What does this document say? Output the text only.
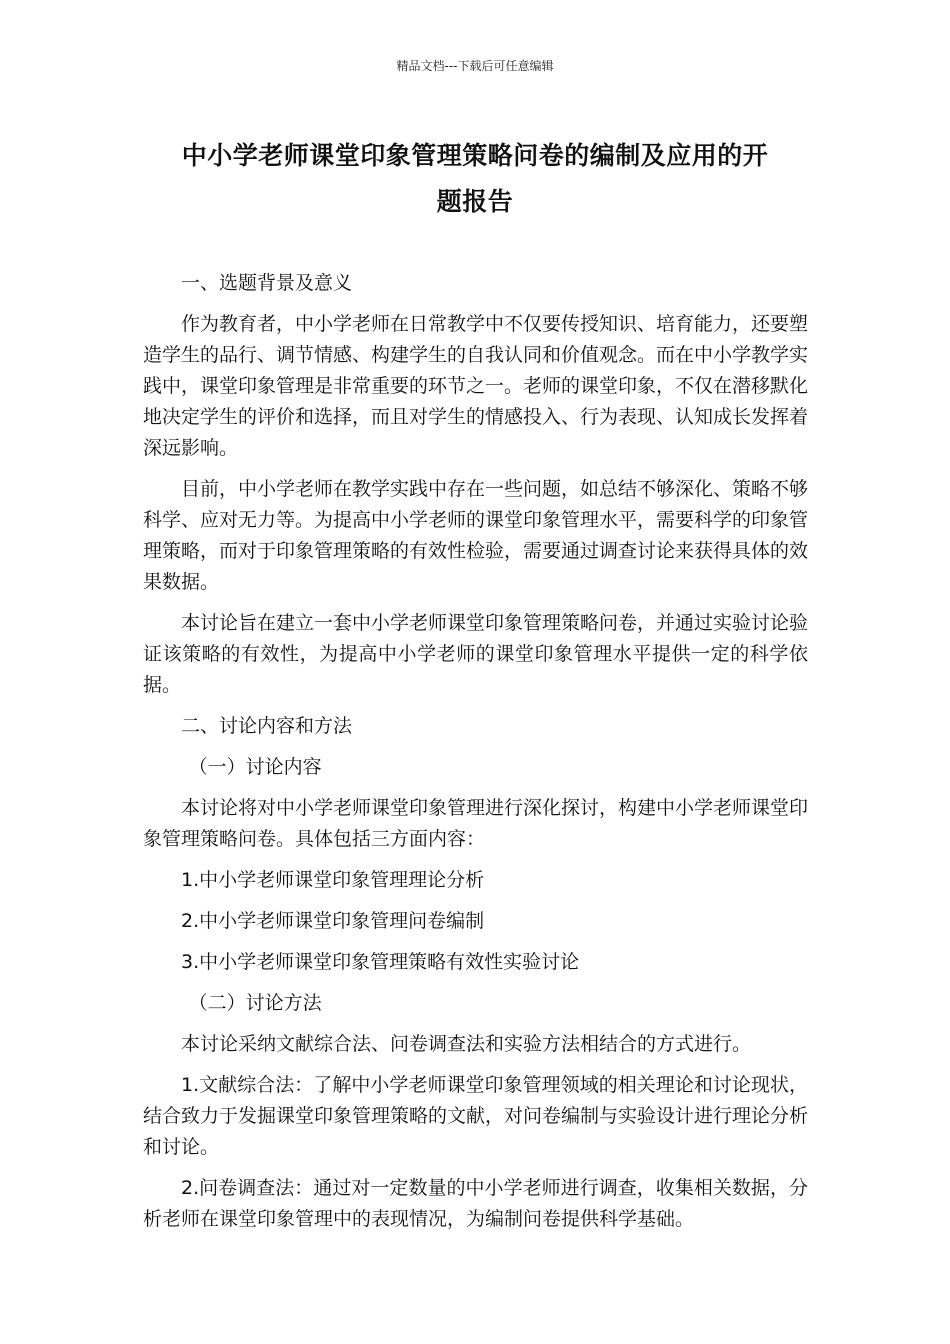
精品文档---下载后可任意编辑
中小学老师课堂印象管理策略问卷的编制及应用的开
题报告

一、选题背景及意义

作为教育者，中小学老师在日常教学中不仅要传授知识、培育能力，还要塑造学生的品行、调节情感、构建学生的自我认同和价值观念。而在中小学教学实践中，课堂印象管理是非常重要的环节之一。老师的课堂印象，不仅在潜移默化地决定学生的评价和选择，而且对学生的情感投入、行为表现、认知成长发挥着深远影响。

目前，中小学老师在教学实践中存在一些问题，如总结不够深化、策略不够科学、应对无力等。为提高中小学老师的课堂印象管理水平，需要科学的印象管理策略，而对于印象管理策略的有效性检验，需要通过调查讨论来获得具体的效果数据。

本讨论旨在建立一套中小学老师课堂印象管理策略问卷，并通过实验讨论验证该策略的有效性，为提高中小学老师的课堂印象管理水平提供一定的科学依据。

二、讨论内容和方法

（一）讨论内容

本讨论将对中小学老师课堂印象管理进行深化探讨，构建中小学老师课堂印象管理策略问卷。具体包括三方面内容：

1.中小学老师课堂印象管理理论分析

2.中小学老师课堂印象管理问卷编制

3.中小学老师课堂印象管理策略有效性实验讨论

（二）讨论方法

本讨论采纳文献综合法、问卷调查法和实验方法相结合的方式进行。

1.文献综合法：了解中小学老师课堂印象管理领域的相关理论和讨论现状，结合致力于发掘课堂印象管理策略的文献，对问卷编制与实验设计进行理论分析和讨论。

2.问卷调查法：通过对一定数量的中小学老师进行调查，收集相关数据，分析老师在课堂印象管理中的表现情况，为编制问卷提供科学基础。
